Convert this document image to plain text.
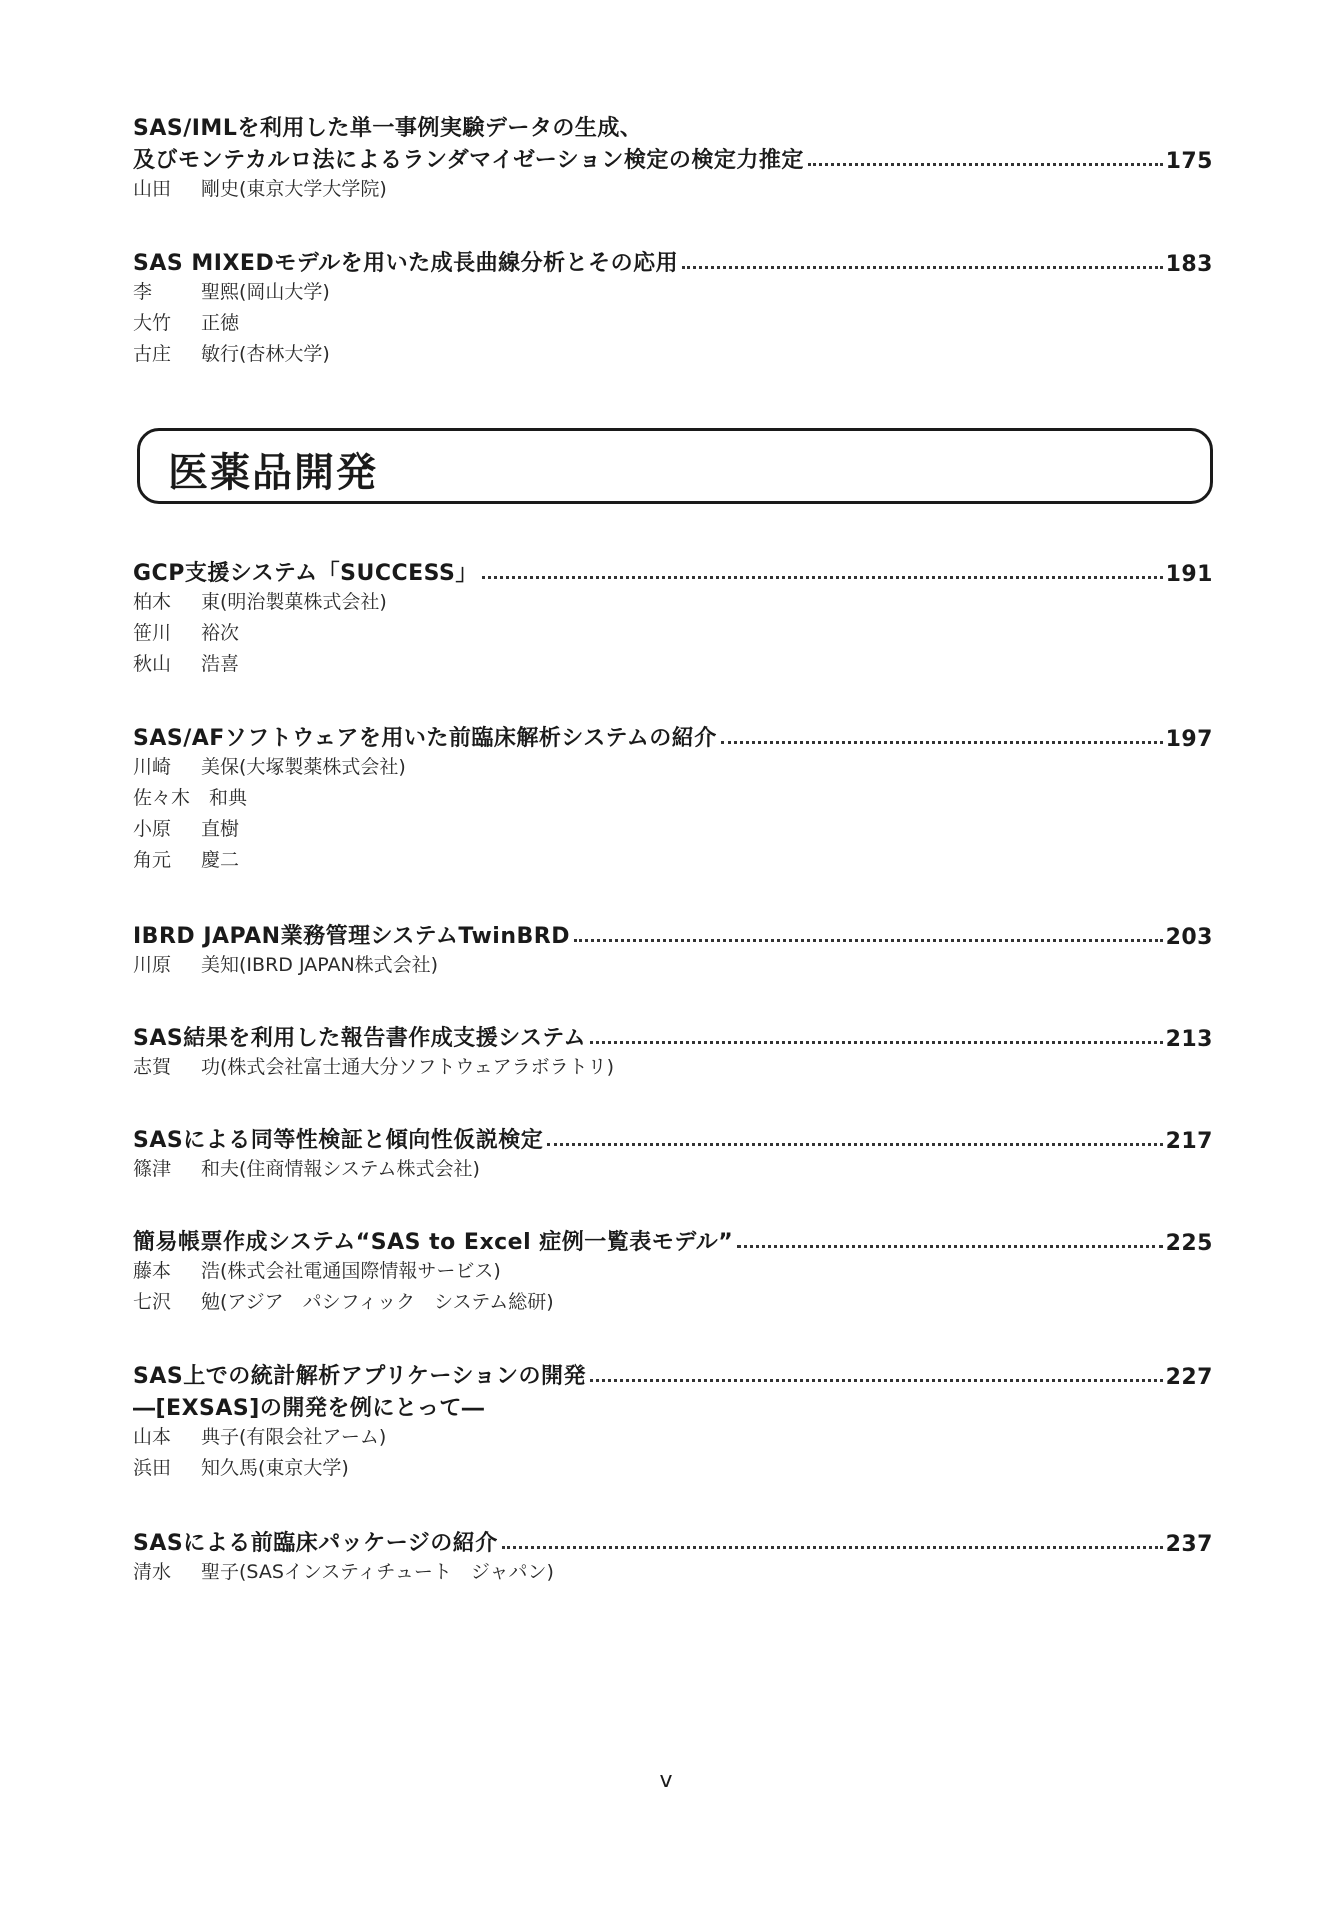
SAS/IMLを利用した単一事例実験データの生成、
及びモンテカルロ法によるランダマイゼーション検定の検定力推定	175
山田 剛史(東京大学大学院)
SAS MIXEDモデルを用いた成長曲線分析とその応用	183
李	聖熙(岡山大学)
大竹 正徳
古庄 敏行(杏林大学)
医薬品開発
GCP支援システム「SUCCESS」	191
柏木 東(明治製菓株式会社)
笹川 裕次
秋山 浩喜
SAS/AFソフトウェアを用いた前臨床解析システムの紹介	197
川崎 美保(大塚製薬株式会社)
佐々木 和典
小原 直樹
角元 慶二
IBRD JAPAN業務管理システムTwinBRD	203
川原 美知(IBRD JAPAN株式会社)
SAS結果を利用した報告書作成支援システム	213
志賀 功(株式会社富士通大分ソフトウェアラボラトリ)
SASによる同等性検証と傾向性仮説検定	217
篠津 和夫(住商情報システム株式会社)
簡易帳票作成システム“SAS to Excel 症例一覧表モデル”	225
藤本 浩(株式会社電通国際情報サービス)
七沢 勉(アジア　パシフィック　システム総研)
SAS上での統計解析アプリケーションの開発	227
―[EXSAS]の開発を例にとって―
山本 典子(有限会社アーム)
浜田 知久馬(東京大学)
SASによる前臨床パッケージの紹介	237
清水 聖子(SASインスティチュート　ジャパン)
v
